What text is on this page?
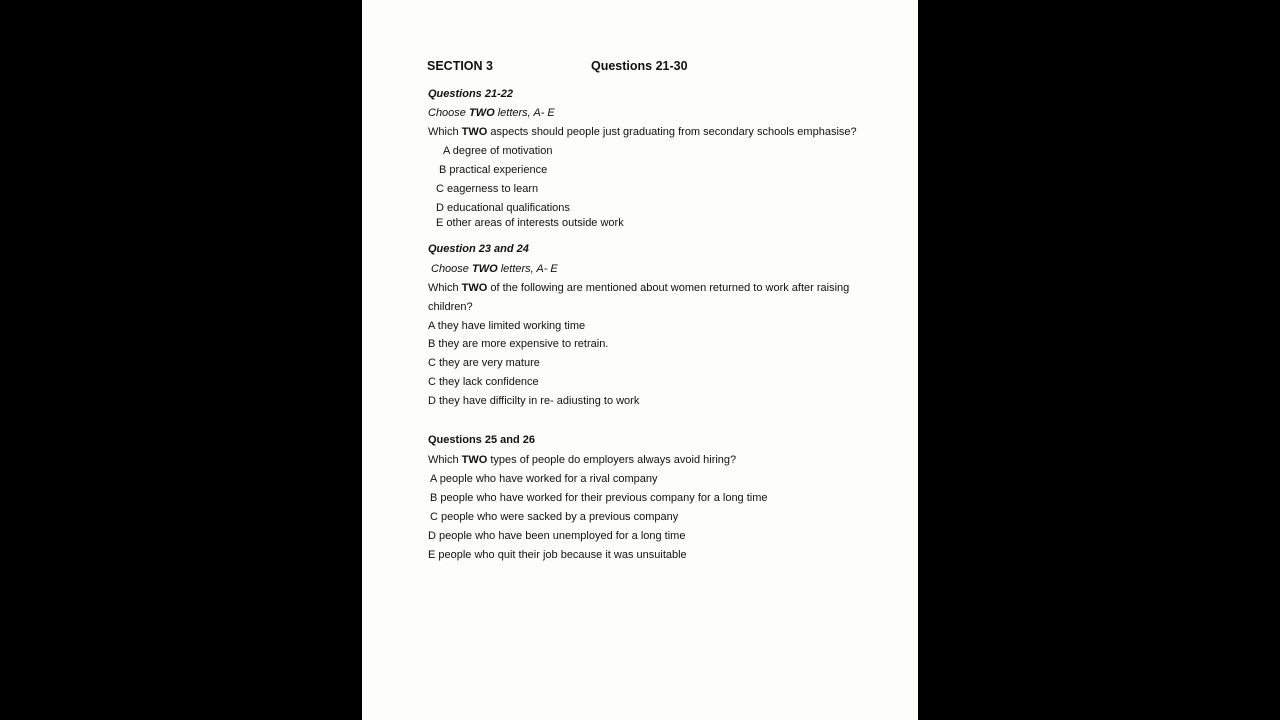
SECTION 3	Questions 21-30
Questions 21-22
Choose TWO letters, A- E
Which TWO aspects should people just graduating from secondary schools emphasise?
A degree of motivation
B practical experience
C eagerness to learn
D educational qualifications
E other areas of interests outside work
Question 23 and 24
Choose TWO letters, A- E
Which TWO of the following are mentioned about women returned to work after raising
children?
A they have limited working time
B they are more expensive to retrain.
C they are very mature
C they lack confidence
D they have difficilty in re- adiusting to work
Questions 25 and 26
Which TWO types of people do employers always avoid hiring?
A people who have worked for a rival company
B people who have worked for their previous company for a long time
C people who were sacked by a previous company
D people who have been unemployed for a long time
E people who quit their job because it was unsuitable
